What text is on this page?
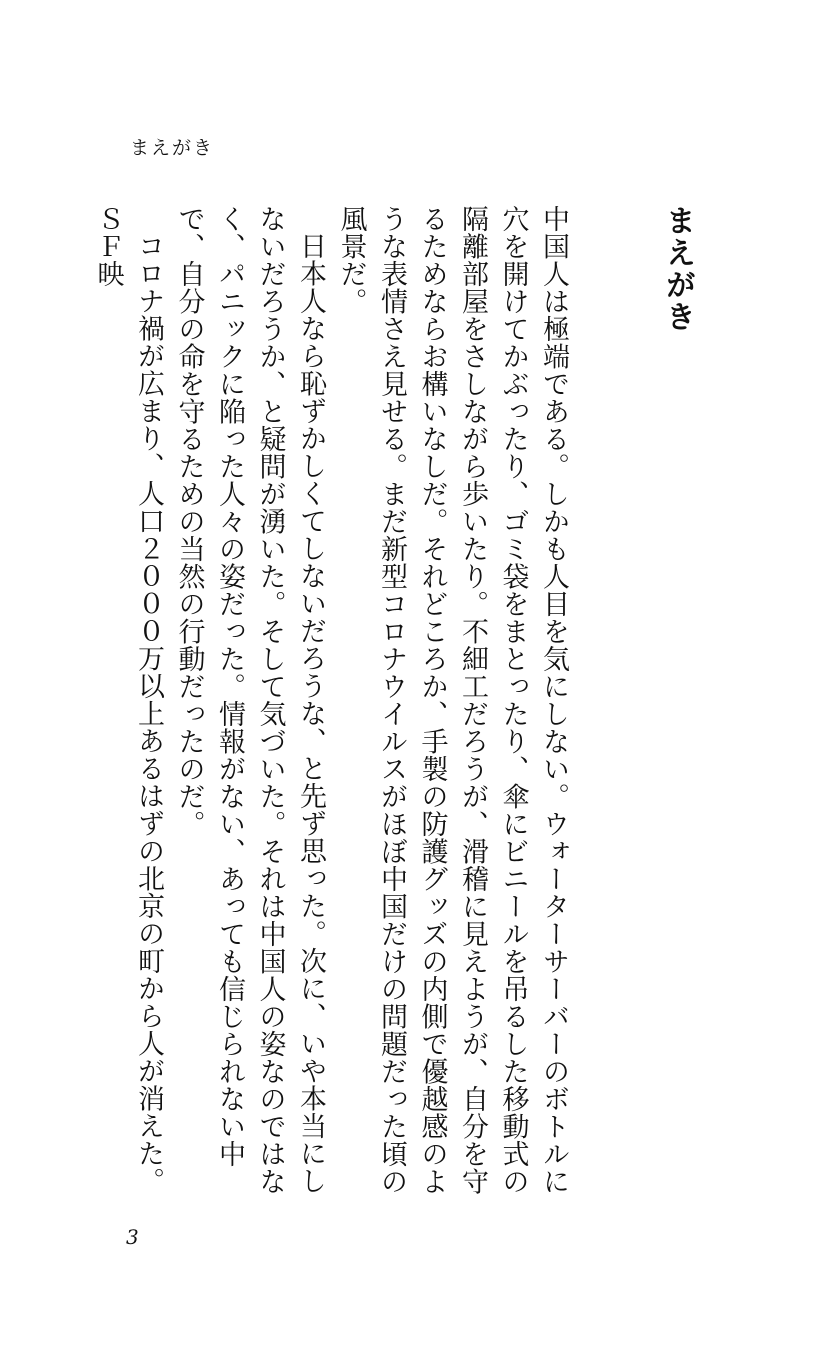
まえがき
まえがき

中国人は極端である。しかも人目を気にしない。ウォーターサーバーのボトルに穴を開けてかぶったり、ゴミ袋をまとったり、傘にビニールを吊るした移動式の隔離部屋をさしながら歩いたり。不細工だろうが、滑稽に見えようが、自分を守るためならお構いなしだ。それどころか、手製の防護グッズの内側で優越感のような表情さえ見せる。まだ新型コロナウイルスがほぼ中国だけの問題だった頃の風景だ。

日本人なら恥ずかしくてしないだろうな、と先ず思った。次に、いや本当にしないだろうか、と疑問が湧いた。そして気づいた。それは中国人の姿なのではなく、パニックに陥った人々の姿だった。情報がない、あっても信じられない中で、自分の命を守るための当然の行動だったのだ。

コロナ禍が広まり、人口２０００万以上あるはずの北京の町から人が消えた。ＳＦ映

3
